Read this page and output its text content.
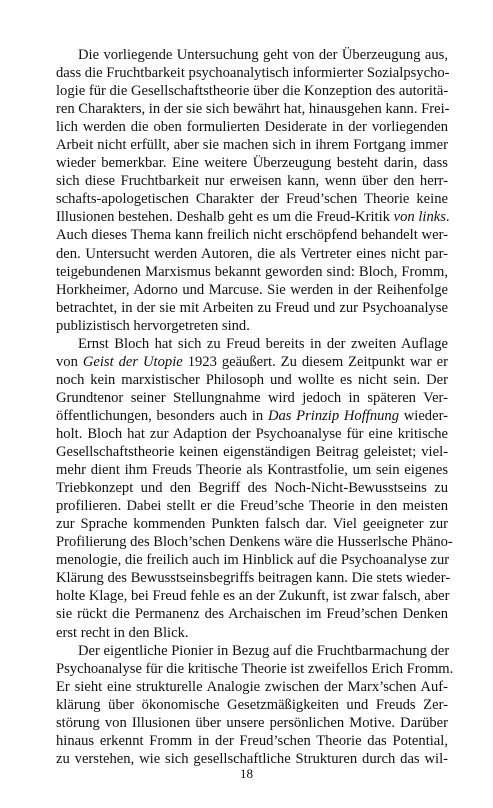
Die vorliegende Untersuchung geht von der Überzeugung aus,
dass die Fruchtbarkeit psychoanalytisch informierter Sozialpsycho-
logie für die Gesellschaftstheorie über die Konzeption des autoritä-
ren Charakters, in der sie sich bewährt hat, hinausgehen kann. Frei-
lich werden die oben formulierten Desiderate in der vorliegenden
Arbeit nicht erfüllt, aber sie machen sich in ihrem Fortgang immer
wieder bemerkbar. Eine weitere Überzeugung besteht darin, dass
sich diese Fruchtbarkeit nur erweisen kann, wenn über den herr-
schafts-apologetischen Charakter der Freud’schen Theorie keine
Illusionen bestehen. Deshalb geht es um die Freud-Kritik von links.
Auch dieses Thema kann freilich nicht erschöpfend behandelt wer-
den. Untersucht werden Autoren, die als Vertreter eines nicht par-
teigebundenen Marxismus bekannt geworden sind: Bloch, Fromm,
Horkheimer, Adorno und Marcuse. Sie werden in der Reihenfolge
betrachtet, in der sie mit Arbeiten zu Freud und zur Psychoanalyse
publizistisch hervorgetreten sind.
Ernst Bloch hat sich zu Freud bereits in der zweiten Auflage
von Geist der Utopie 1923 geäußert. Zu diesem Zeitpunkt war er
noch kein marxistischer Philosoph und wollte es nicht sein. Der
Grundtenor seiner Stellungnahme wird jedoch in späteren Ver-
öffentlichungen, besonders auch in Das Prinzip Hoffnung wieder-
holt. Bloch hat zur Adaption der Psychoanalyse für eine kritische
Gesellschaftstheorie keinen eigenständigen Beitrag geleistet; viel-
mehr dient ihm Freuds Theorie als Kontrastfolie, um sein eigenes
Triebkonzept und den Begriff des Noch-Nicht-Bewusstseins zu
profilieren. Dabei stellt er die Freud’sche Theorie in den meisten
zur Sprache kommenden Punkten falsch dar. Viel geeigneter zur
Profilierung des Bloch’schen Denkens wäre die Husserlsche Phäno-
menologie, die freilich auch im Hinblick auf die Psychoanalyse zur
Klärung des Bewusstseinsbegriffs beitragen kann. Die stets wieder-
holte Klage, bei Freud fehle es an der Zukunft, ist zwar falsch, aber
sie rückt die Permanenz des Archaischen im Freud’schen Denken
erst recht in den Blick.
Der eigentliche Pionier in Bezug auf die Fruchtbarmachung der
Psychoanalyse für die kritische Theorie ist zweifellos Erich Fromm.
Er sieht eine strukturelle Analogie zwischen der Marx’schen Auf-
klärung über ökonomische Gesetzmäßigkeiten und Freuds Zer-
störung von Illusionen über unsere persönlichen Motive. Darüber
hinaus erkennt Fromm in der Freud’schen Theorie das Potential,
zu verstehen, wie sich gesellschaftliche Strukturen durch das wil-
18
